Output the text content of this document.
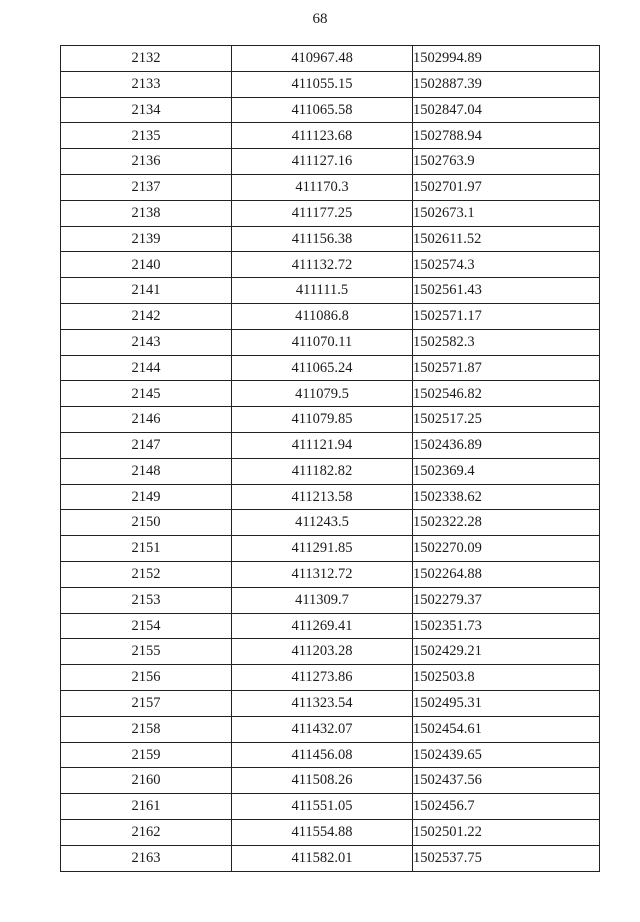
68
2132	410967.48	1502994.89
2133	411055.15	1502887.39
2134	411065.58	1502847.04
2135	411123.68	1502788.94
2136	411127.16	1502763.9
2137	411170.3	1502701.97
2138	411177.25	1502673.1
2139	411156.38	1502611.52
2140	411132.72	1502574.3
2141	411111.5	1502561.43
2142	411086.8	1502571.17
2143	411070.11	1502582.3
2144	411065.24	1502571.87
2145	411079.5	1502546.82
2146	411079.85	1502517.25
2147	411121.94	1502436.89
2148	411182.82	1502369.4
2149	411213.58	1502338.62
2150	411243.5	1502322.28
2151	411291.85	1502270.09
2152	411312.72	1502264.88
2153	411309.7	1502279.37
2154	411269.41	1502351.73
2155	411203.28	1502429.21
2156	411273.86	1502503.8
2157	411323.54	1502495.31
2158	411432.07	1502454.61
2159	411456.08	1502439.65
2160	411508.26	1502437.56
2161	411551.05	1502456.7
2162	411554.88	1502501.22
2163	411582.01	1502537.75
